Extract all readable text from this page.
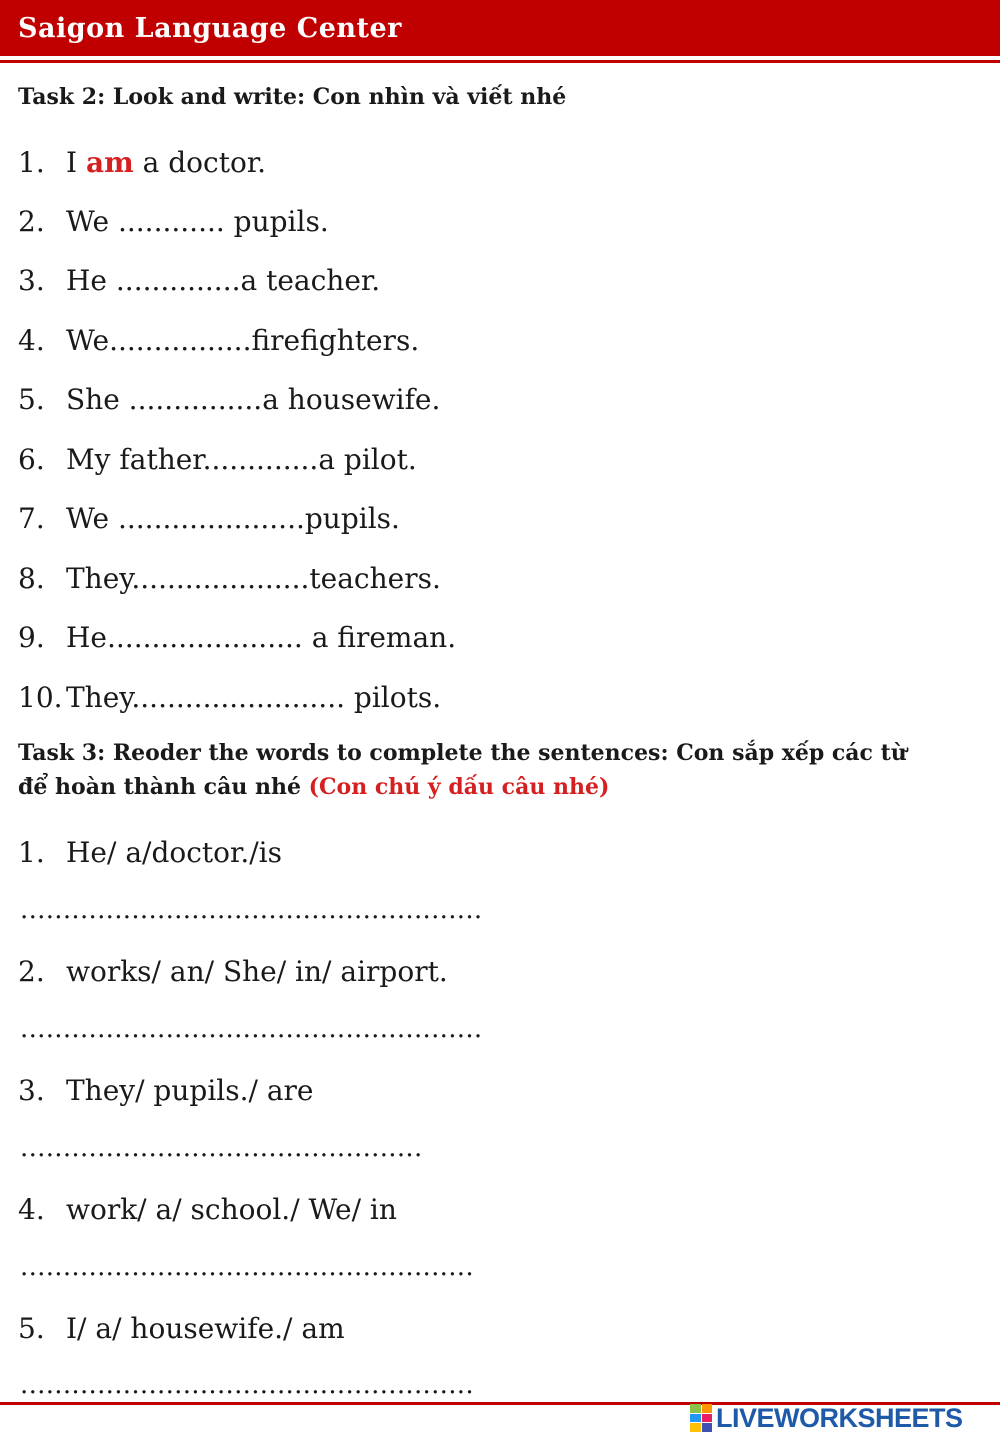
Saigon Language Center
Task 2: Look and write: Con nhìn và viết nhé
1. I am a doctor.
2. We ............ pupils.
3. He ..............a teacher.
4. We................firefighters.
5. She ...............a housewife.
6. My father.............a pilot.
7. We .....................pupils.
8. They....................teachers.
9. He...................... a fireman.
10. They........................ pilots.
Task 3: Reoder the words to complete the sentences: Con sắp xếp các từ
để hoàn thành câu nhé (Con chú ý dấu câu nhé)
1. He/ a/doctor./is
......................................................
2. works/ an/ She/ in/ airport.
......................................................
3. They/ pupils./ are
...............................................
4. work/ a/ school./ We/ in
.....................................................
5. I/ a/ housewife./ am
.....................................................
LIVEWORKSHEETS
